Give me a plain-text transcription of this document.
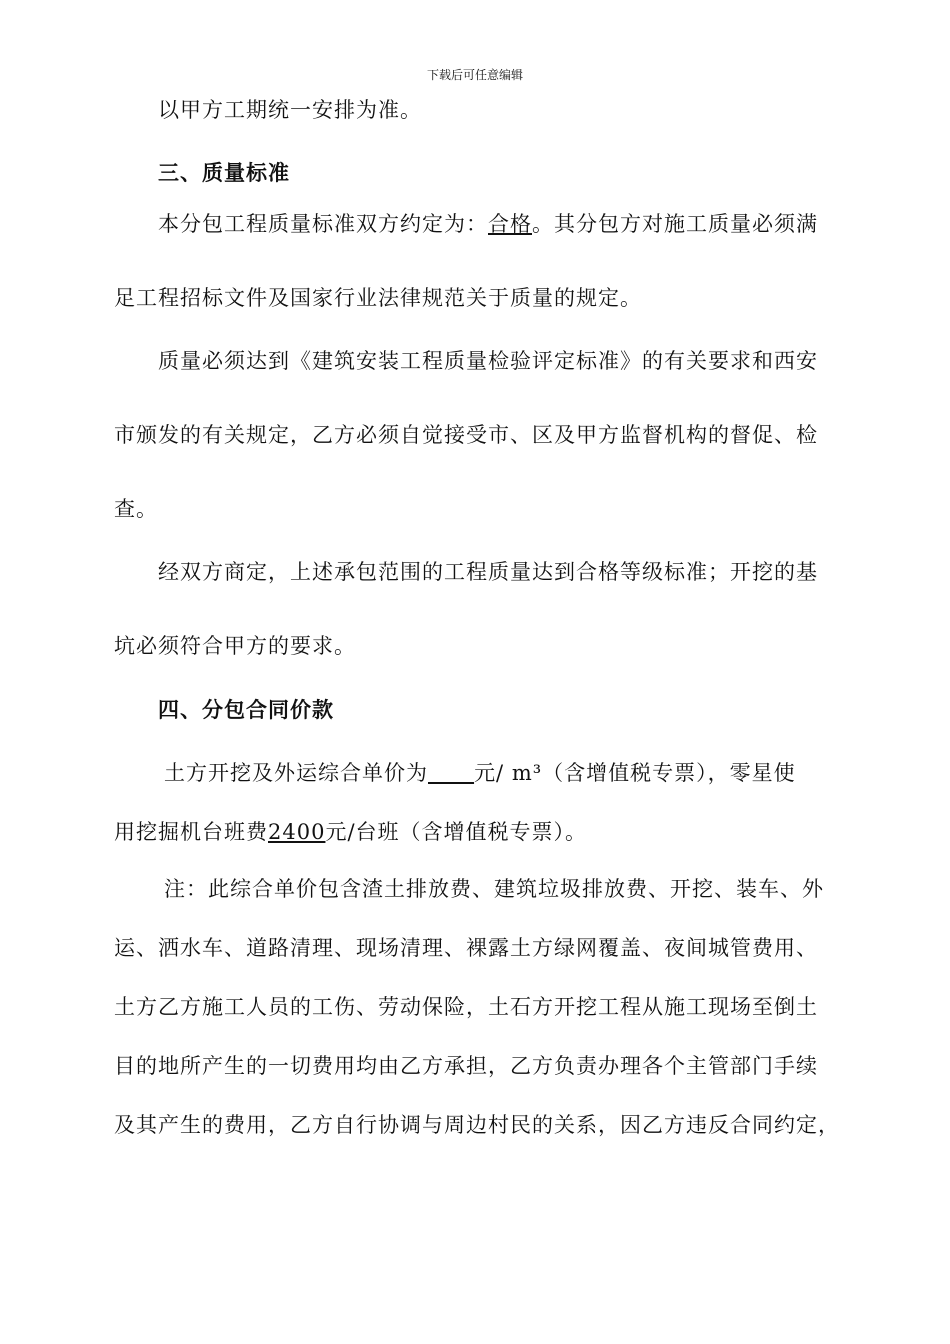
下载后可任意编辑
以甲方工期统一安排为准。
三、质量标准
本分包工程质量标准双方约定为：合格。其分包方对施工质量必须满
足工程招标文件及国家行业法律规范关于质量的规定。
质量必须达到《建筑安装工程质量检验评定标准》的有关要求和西安
市颁发的有关规定，乙方必须自觉接受市、区及甲方监督机构的督促、检
查。
经双方商定，上述承包范围的工程质量达到合格等级标准；开挖的基
坑必须符合甲方的要求。
四、分包合同价款
土方开挖及外运综合单价为 元/ m³（含增值税专票），零星使
用挖掘机台班费2400元/台班（含增值税专票）。
注：此综合单价包含渣土排放费、建筑垃圾排放费、开挖、装车、外
运、洒水车、道路清理、现场清理、裸露土方绿网覆盖、夜间城管费用、
土方乙方施工人员的工伤、劳动保险，土石方开挖工程从施工现场至倒土
目的地所产生的一切费用均由乙方承担，乙方负责办理各个主管部门手续
及其产生的费用，乙方自行协调与周边村民的关系，因乙方违反合同约定，
